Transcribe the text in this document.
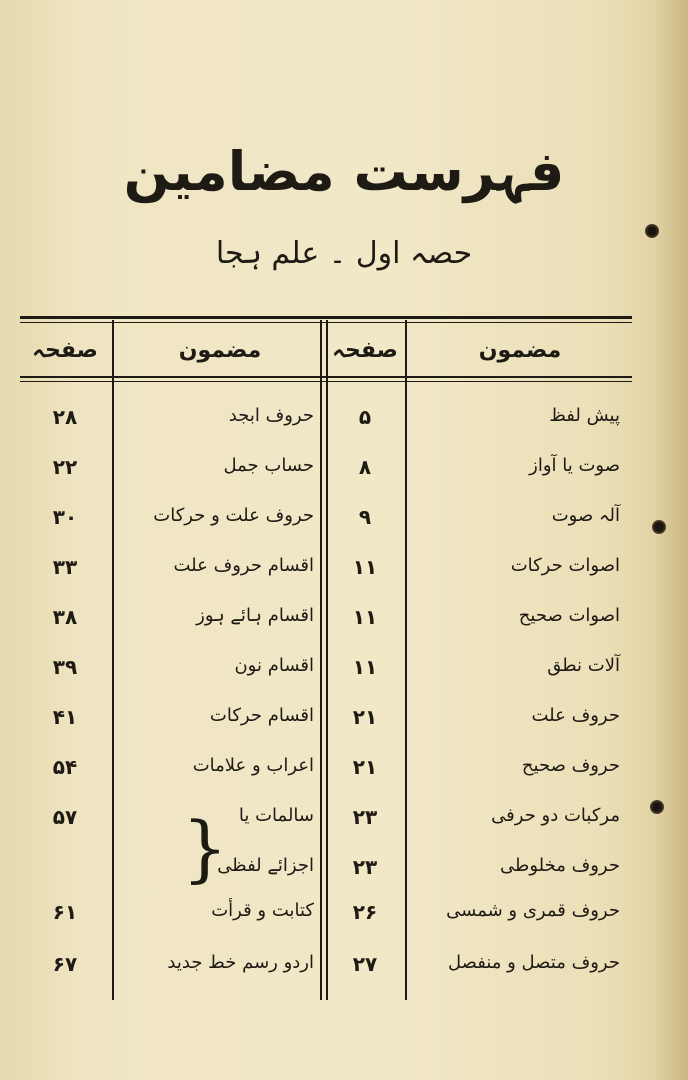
فہرست مضامین
حصہ اول ۔ علم ہجا
مضمون
صفحہ
مضمون
صفحہ
پیش لفظ
۵
صوت یا آواز
۸
آلہ صوت
۹
اصوات حرکات
۱۱
اصوات صحیح
۱۱
آلات نطق
۱۱
حروف علت
۲۱
حروف صحیح
۲۱
مرکبات دو حرفی
۲۳
حروف مخلوطی
۲۳
حروف قمری و شمسی
۲۶
حروف متصل و منفصل
۲۷
حروف ابجد
۲۸
حساب جمل
۲۲
حروف علت و حرکات
۳۰
اقسام حروف علت
۳۳
اقسام ہائے ہوز
۳۸
اقسام نون
۳۹
اقسام حرکات
۴۱
اعراب و علامات
۵۴
سالمات یا
۵۷
اجزائے لفظی
کتابت و قرأت
۶۱
اردو رسم خط جدید
۶۷
}
